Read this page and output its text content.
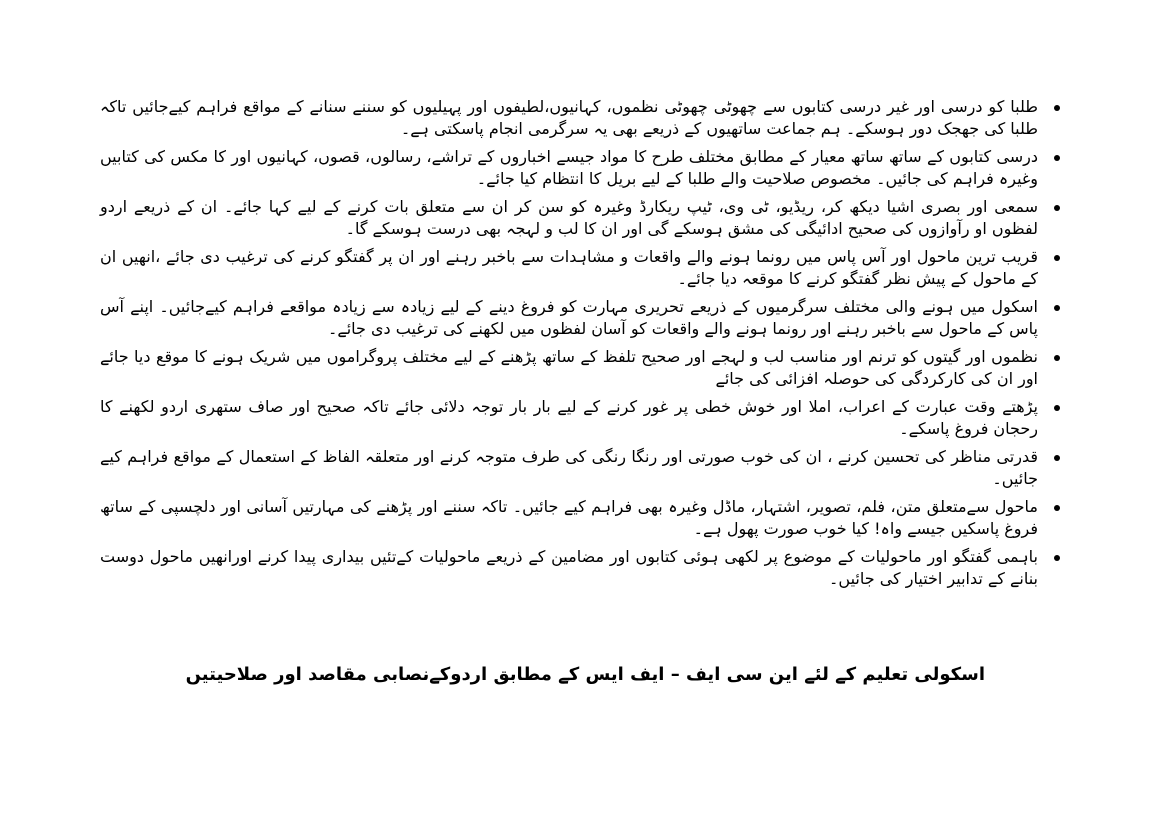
طلبا کو درسی اور غیر درسی کتابوں سے چھوٹی چھوٹی نظموں، کہانیوں،لطیفوں اور پہیلیوں کو سننے سنانے کے مواقع فراہم کیےجائیں تاکہ طلبا کی جھجک دور ہوسکے۔ ہم جماعت ساتھیوں کے ذریعے بھی یہ سرگرمی انجام پاسکتی ہے۔
درسی کتابوں کے ساتھ ساتھ معیار کے مطابق مختلف طرح کا مواد جیسے اخباروں کے تراشے، رسالوں، قصوں، کہانیوں اور کا مکس کی کتابیں وغیرہ فراہم کی جائیں۔ مخصوص صلاحیت والے طلبا کے لیے بریل کا انتظام کیا جائے۔
سمعی اور بصری اشیا دیکھ کر، ریڈیو، ٹی وی، ٹیپ ریکارڈ وغیرہ کو سن کر ان سے متعلق بات کرنے کے لیے کہا جائے۔ ان کے ذریعے اردو لفظوں او رآوازوں کی صحیح ادائیگی کی مشق ہوسکے گی اور ان کا لب و لہجہ بھی درست ہوسکے گا۔
قریب ترین ماحول اور آس پاس میں رونما ہونے والے واقعات و مشاہدات سے باخبر رہنے اور ان پر گفتگو کرنے کی ترغیب دی جائے ،انھیں ان کے ماحول کے پیش نظر گفتگو کرنے کا موقعہ دیا جائے۔
اسکول میں ہونے والی مختلف سرگرمیوں کے ذریعے تحریری مہارت کو فروغ دینے کے لیے زیادہ سے زیادہ مواقعے فراہم کیےجائیں۔ اپنے آس پاس کے ماحول سے باخبر رہنے اور رونما ہونے والے واقعات کو آسان لفظوں میں لکھنے کی ترغیب دی جائے۔
نظموں اور گیتوں کو ترنم اور مناسب لب و لہجے اور صحیح تلفظ کے ساتھ پڑھنے کے لیے مختلف پروگراموں میں شریک ہونے کا موقع دیا جائے اور ان کی کارکردگی کی حوصلہ افزائی کی جائے
پڑھتے وقت عبارت کے اعراب، املا اور خوش خطی پر غور کرنے کے لیے بار بار توجہ دلائی جائے تاکہ صحیح اور صاف ستھری اردو لکھنے کا رحجان فروغ پاسکے۔
قدرتی مناظر کی تحسین کرنے ، ان کی خوب صورتی اور رنگا رنگی کی طرف متوجہ کرنے اور متعلقہ الفاظ کے استعمال کے مواقع فراہم کیے جائیں۔
ماحول سےمتعلق متن، فلم، تصویر، اشتہار، ماڈل وغیرہ بھی فراہم کیے جائیں۔ تاکہ سننے اور پڑھنے کی مہارتیں آسانی اور دلچسپی کے ساتھ فروغ پاسکیں جیسے واہ! کیا خوب صورت پھول ہے۔
باہمی گفتگو اور ماحولیات کے موضوع پر لکھی ہوئی کتابوں اور مضامین کے ذریعے ماحولیات کےتئیں بیداری پیدا کرنے اورانھیں ماحول دوست بنانے کے تدابیر اختیار کی جائیں۔
اسکولی تعلیم کے لئے این سی ایف – ایف ایس کے مطابق اردوکےنصابی مقاصد اور صلاحیتیں
